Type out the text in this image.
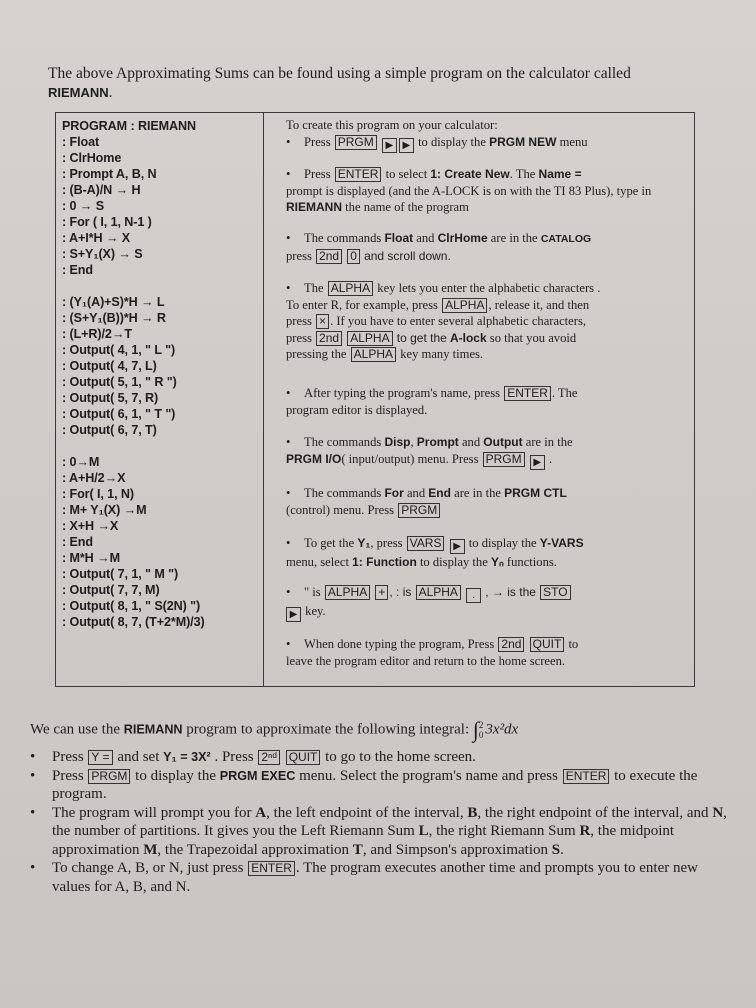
The above Approximating Sums can be found using a simple program on the calculator called
RIEMANN.
PROGRAM : RIEMANN
: Float
: ClrHome
: Prompt A, B, N
: (B-A)/N → H
: 0 → S
: For ( I, 1, N-1 )
: A+I*H → X
: S+Y₁(X) → S
: End
: (Y₁(A)+S)*H → L
: (S+Y₁(B))*H → R
: (L+R)/2→T
: Output( 4, 1, " L ")
: Output( 4, 7, L)
: Output( 5, 1, " R ")
: Output( 5, 7, R)
: Output( 6, 1, " T ")
: Output( 6, 7, T)
: 0→M
: A+H/2→X
: For( I, 1, N)
: M+ Y₁(X) →M
: X+H →X
: End
: M*H →M
: Output( 7, 1, " M ")
: Output( 7, 7, M)
: Output( 8, 1, " S(2N) ")
: Output( 8, 7, (T+2*M)/3)
To create this program on your calculator:
• Press PRGM ▶ ▶ to display the PRGM NEW menu
• Press ENTER to select 1: Create New. The Name =
prompt is displayed (and the A-LOCK is on with the TI 83 Plus), type in RIEMANN the name of the program
• The commands Float and ClrHome are in the CATALOG
press 2nd 0 and scroll down.
• The ALPHA key lets you enter the alphabetic characters .
To enter R, for example, press ALPHA , release it, and then
press × . If you have to enter several alphabetic characters,
press 2nd ALPHA to get the A-lock so that you avoid
pressing the ALPHA key many times.
• After typing the program's name, press ENTER . The
program editor is displayed.
• The commands Disp, Prompt and Output are in the
PRGM I/O( input/output) menu. Press PRGM ▶ .
• The commands For and End are in the PRGM CTL
(control) menu. Press PRGM
• To get the Y₁, press VARS ▶ to display the Y-VARS
menu, select 1: Function to display the Yₙ functions.
• " is ALPHA + , : is ALPHA . , → is the STO
▶ key.
• When done typing the program, Press 2nd QUIT to
leave the program editor and return to the home screen.
We can use the RIEMANN program to approximate the following integral: ∫2
0 3x²dx
• Press Y = and set Y₁ = 3X² . Press 2ⁿᵈ QUIT to go to the home screen.
• Press PRGM to display the PRGM EXEC menu. Select the program's name and press ENTER to execute the program.
• The program will prompt you for A, the left endpoint of the interval, B, the right endpoint of the interval, and N, the number of partitions. It gives you the Left Riemann Sum L, the right Riemann Sum R, the midpoint approximation M, the Trapezoidal approximation T, and Simpson's approximation S.
• To change A, B, or N, just press ENTER . The program executes another time and prompts you to enter new values for A, B, and N.
